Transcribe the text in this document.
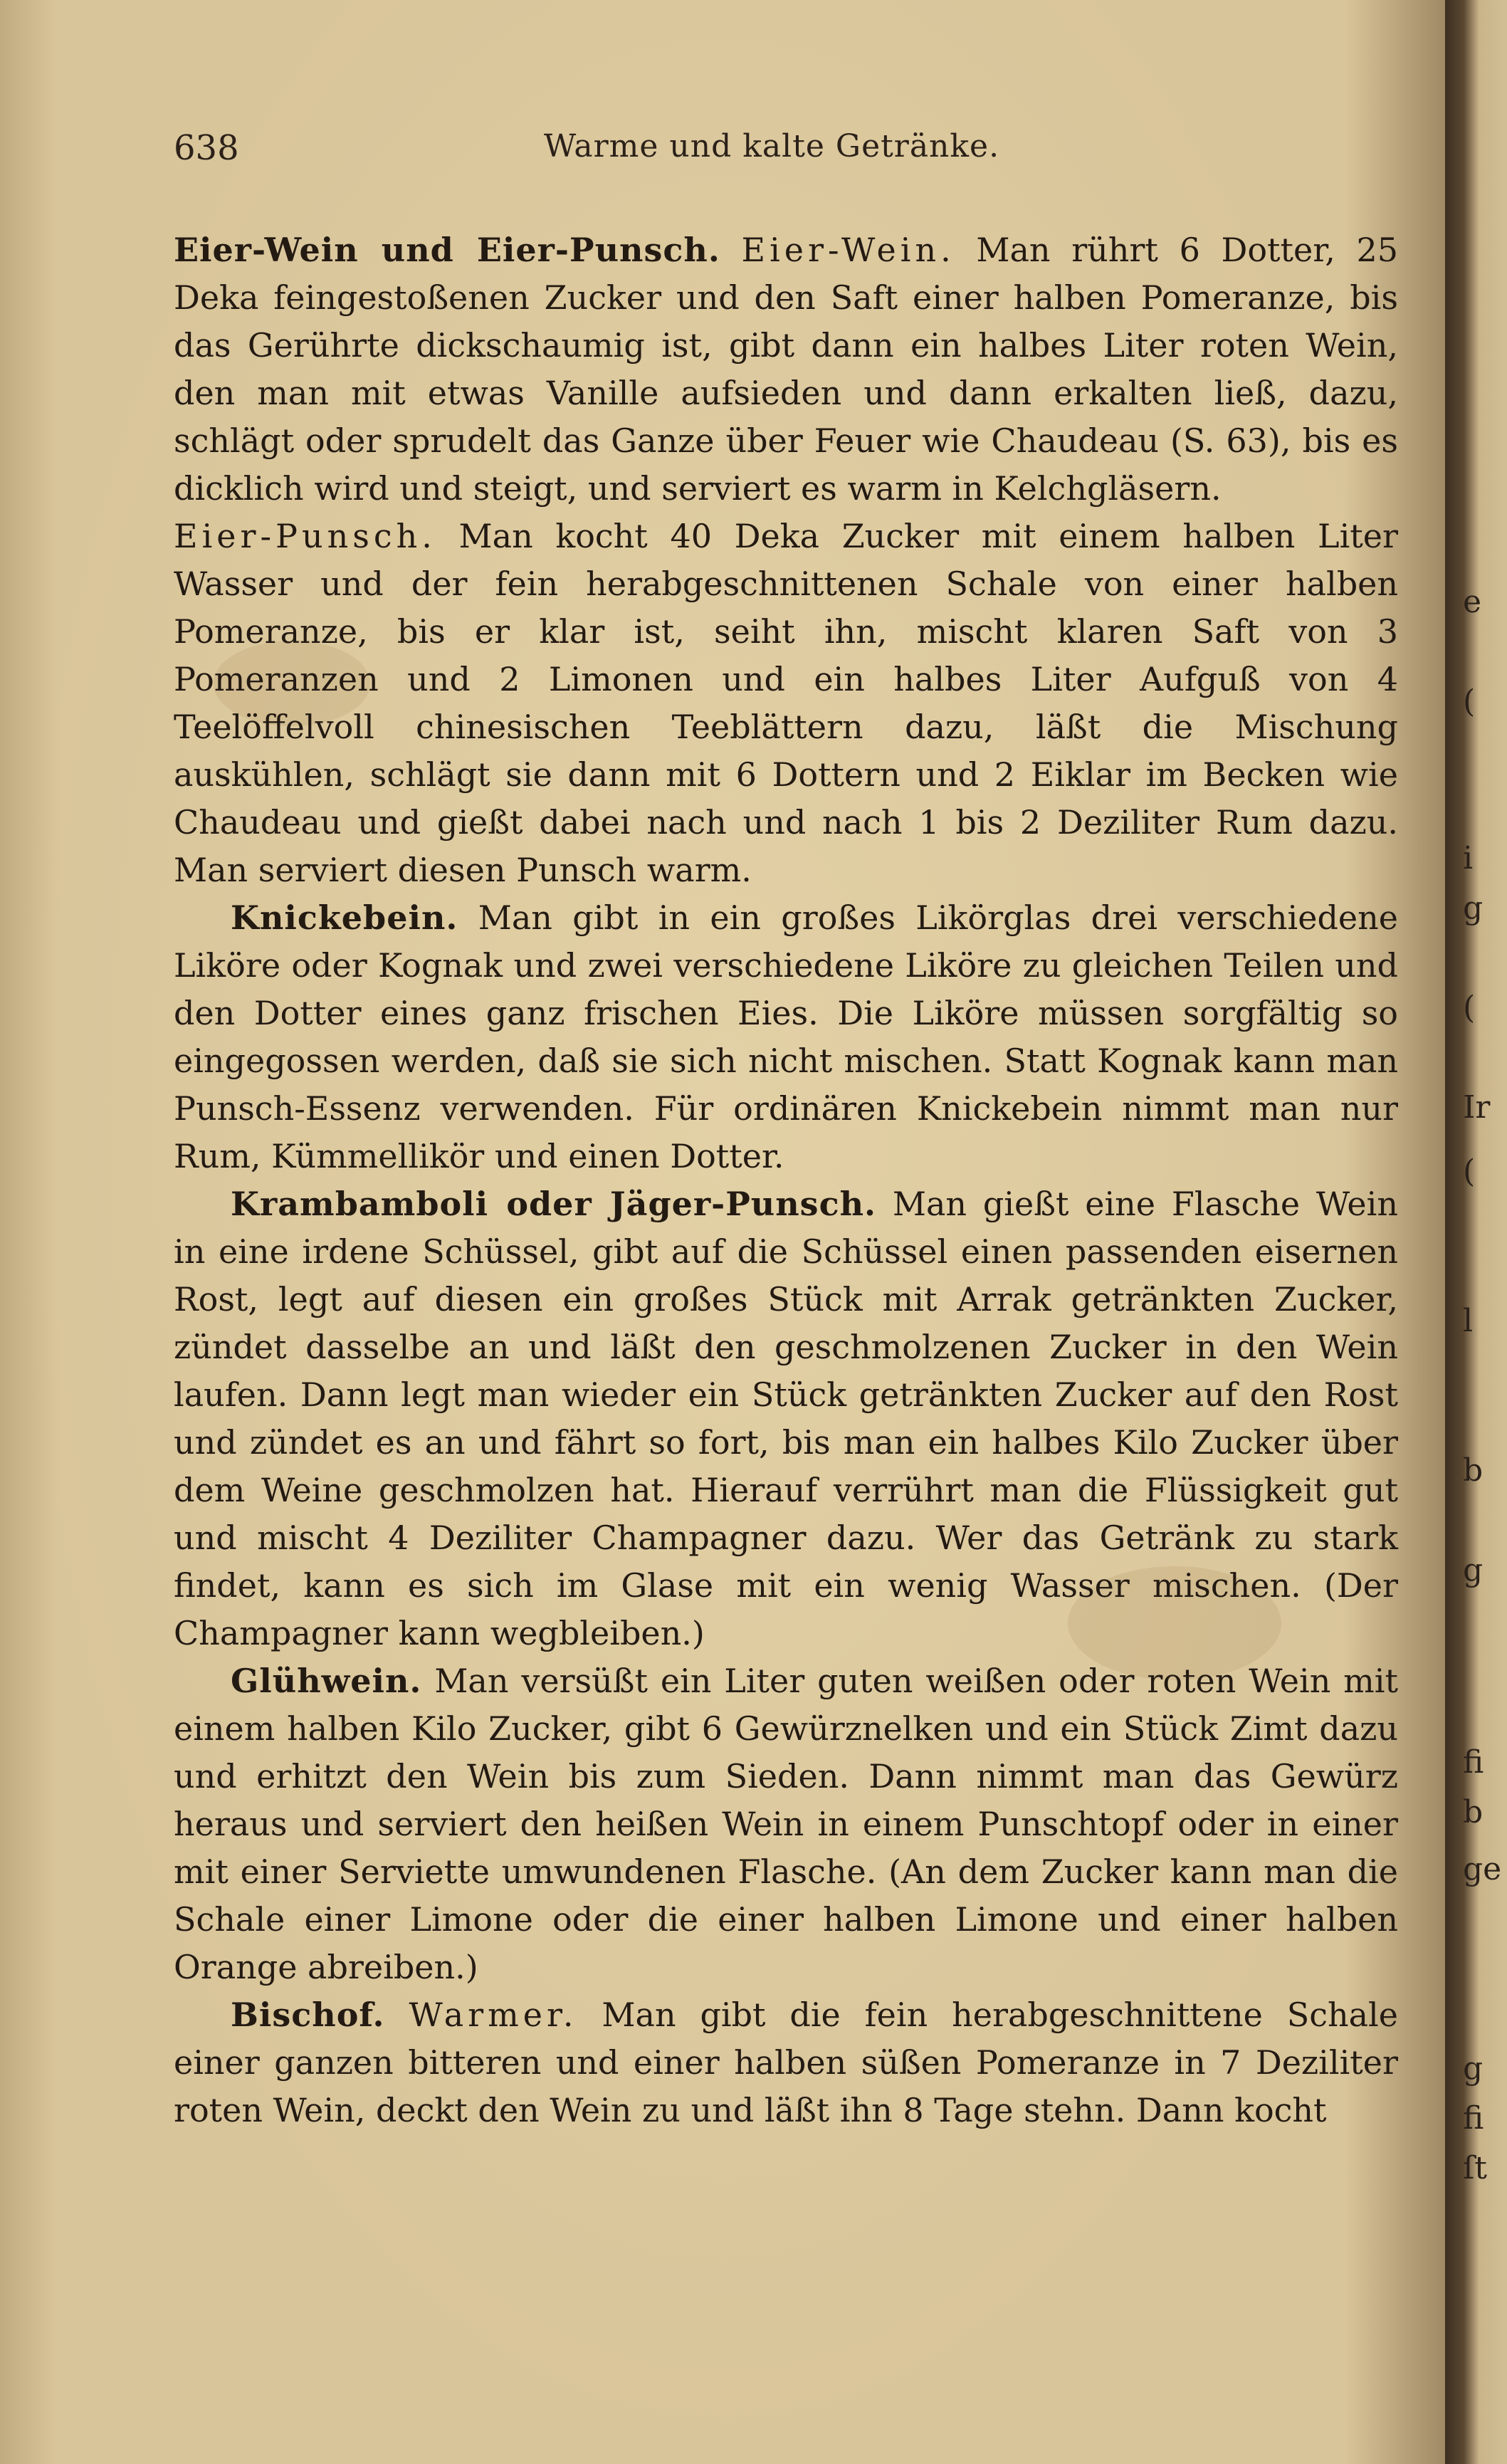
638	Warme und kalte Getränke.

Eier-Wein und Eier-Punsch. Eier-Wein. Man rührt 6 Dotter, 25 Deka feingestoßenen Zucker und den Saft einer halben Pomeranze, bis das Gerührte dickschaumig ist, gibt dann ein halbes Liter roten Wein, den man mit etwas Vanille aufsieden und dann erkalten ließ, dazu, schlägt oder sprudelt das Ganze über Feuer wie Chaudeau (S. 63), bis es dicklich wird und steigt, und serviert es warm in Kelchgläsern.

Eier-Punsch. Man kocht 40 Deka Zucker mit einem halben Liter Wasser und der fein herabgeschnittenen Schale von einer halben Pomeranze, bis er klar ist, seiht ihn, mischt klaren Saft von 3 Pomeranzen und 2 Limonen und ein halbes Liter Aufguß von 4 Teelöffelvoll chinesischen Teeblättern dazu, läßt die Mischung auskühlen, schlägt sie dann mit 6 Dottern und 2 Eiklar im Becken wie Chaudeau und gießt dabei nach und nach 1 bis 2 Deziliter Rum dazu. Man serviert diesen Punsch warm.

Knickebein. Man gibt in ein großes Likörglas drei verschiedene Liköre oder Kognak und zwei verschiedene Liköre zu gleichen Teilen und den Dotter eines ganz frischen Eies. Die Liköre müssen sorgfältig so eingegossen werden, daß sie sich nicht mischen. Statt Kognak kann man Punsch-Essenz verwenden. Für ordinären Knickebein nimmt man nur Rum, Kümmellikör und einen Dotter.

Krambamboli oder Jäger-Punsch. Man gießt eine Flasche Wein in eine irdene Schüssel, gibt auf die Schüssel einen passenden eisernen Rost, legt auf diesen ein großes Stück mit Arrak getränkten Zucker, zündet dasselbe an und läßt den geschmolzenen Zucker in den Wein laufen. Dann legt man wieder ein Stück getränkten Zucker auf den Rost und zündet es an und fährt so fort, bis man ein halbes Kilo Zucker über dem Weine geschmolzen hat. Hierauf verrührt man die Flüssigkeit gut und mischt 4 Deziliter Champagner dazu. Wer das Getränk zu stark findet, kann es sich im Glase mit ein wenig Wasser mischen. (Der Champagner kann wegbleiben.)

Glühwein. Man versüßt ein Liter guten weißen oder roten Wein mit einem halben Kilo Zucker, gibt 6 Gewürznelken und ein Stück Zimt dazu und erhitzt den Wein bis zum Sieden. Dann nimmt man das Gewürz heraus und serviert den heißen Wein in einem Punschtopf oder in einer mit einer Serviette umwundenen Flasche. (An dem Zucker kann man die Schale einer Limone oder die einer halben Limone und einer halben Orange abreiben.)

Bischof. Warmer. Man gibt die fein herabgeschnittene Schale einer ganzen bitteren und einer halben süßen Pomeranze in 7 Deziliter roten Wein, deckt den Wein zu und läßt ihn 8 Tage stehn. Dann kocht

e
(
i
g
(
Ir
(
l
b
g
fi
b
ge
g
fi
ſt
